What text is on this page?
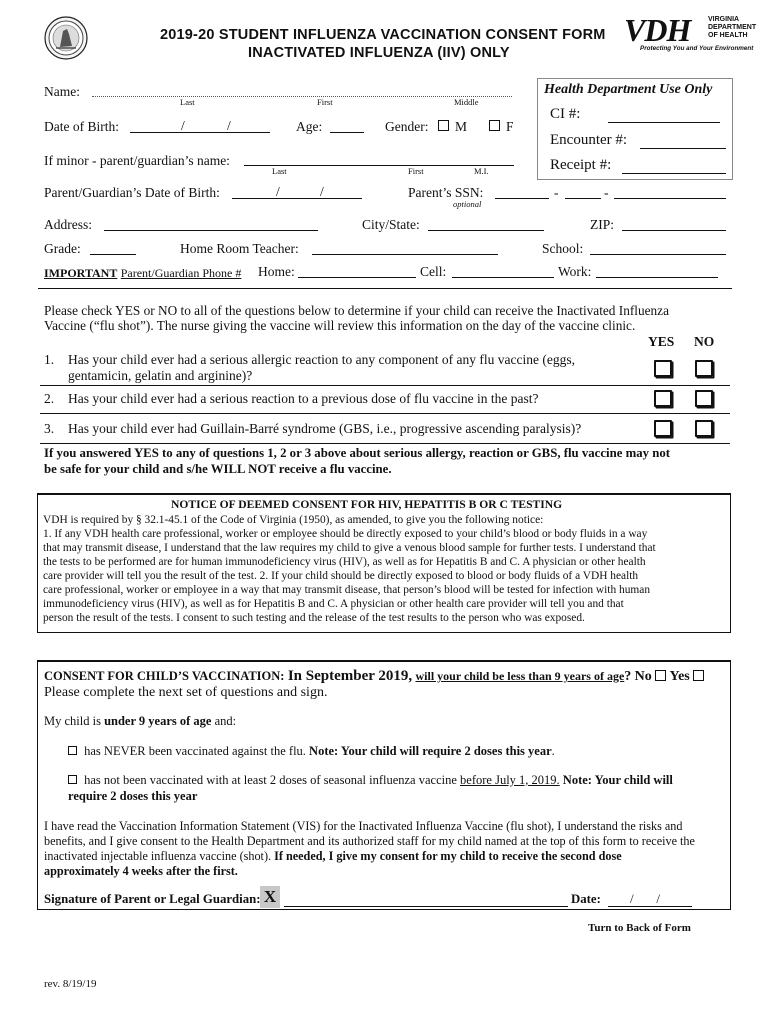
2019-20 STUDENT INFLUENZA VACCINATION CONSENT FORM
INACTIVATED INFLUENZA (IIV) ONLY
VDH	VIRGINIA
DEPARTMENT
OF HEALTH
Protecting You and Your Environment
Health Department Use Only
CI #:
Encounter #:
Receipt #:
Name:
Last	First	Middle
Date of Birth:	/	/	Age:	Gender: M	F
If minor - parent/guardian’s name:
Last	First	M.I.
Parent/Guardian’s Date of Birth:	/	/	Parent’s SSN:	-	-
optional
Address:	City/State:	ZIP:
Grade:	Home Room Teacher:	School:
IMPORTANT Parent/Guardian Phone # Home:	Cell:	Work:
Please check YES or NO to all of the questions below to determine if your child can receive the Inactivated Influenza
Vaccine (“flu shot”). The nurse giving the vaccine will review this information on the day of the vaccine clinic.
YES NO
1. Has your child ever had a serious allergic reaction to any component of any flu vaccine (eggs,
gentamicin, gelatin and arginine)?
2. Has your child ever had a serious reaction to a previous dose of flu vaccine in the past?
3. Has your child ever had Guillain-Barré syndrome (GBS, i.e., progressive ascending paralysis)?
If you answered YES to any of questions 1, 2 or 3 above about serious allergy, reaction or GBS, flu vaccine may not
be safe for your child and s/he WILL NOT receive a flu vaccine.
NOTICE OF DEEMED CONSENT FOR HIV, HEPATITIS B OR C TESTING
VDH is required by § 32.1-45.1 of the Code of Virginia (1950), as amended, to give you the following notice:
1. If any VDH health care professional, worker or employee should be directly exposed to your child’s blood or body fluids in a way
that may transmit disease, I understand that the law requires my child to give a venous blood sample for further tests. I understand that
the tests to be performed are for human immunodeficiency virus (HIV), as well as for Hepatitis B and C. A physician or other health
care provider will tell you the result of the test. 2. If your child should be directly exposed to blood or body fluids of a VDH health
care professional, worker or employee in a way that may transmit disease, that person’s blood will be tested for infection with human
immunodeficiency virus (HIV), as well as for Hepatitis B and C. A physician or other health care provider will tell you and that
person the result of the tests. I consent to such testing and the release of the test results to the person who was exposed.
CONSENT FOR CHILD’S VACCINATION: In September 2019, will your child be less than 9 years of age? No Yes
Please complete the next set of questions and sign.
My child is under 9 years of age and:
has NEVER been vaccinated against the flu. Note: Your child will require 2 doses this year.
has not been vaccinated with at least 2 doses of seasonal influenza vaccine before July 1, 2019. Note: Your child will
require 2 doses this year
I have read the Vaccination Information Statement (VIS) for the Inactivated Influenza Vaccine (flu shot), I understand the risks and
benefits, and I give consent to the Health Department and its authorized staff for my child named at the top of this form to receive the
inactivated injectable influenza vaccine (shot). If needed, I give my consent for my child to receive the second dose
approximately 4 weeks after the first.
Signature of Parent or Legal Guardian: X	Date: /       /
Turn to Back of Form
rev. 8/19/19
